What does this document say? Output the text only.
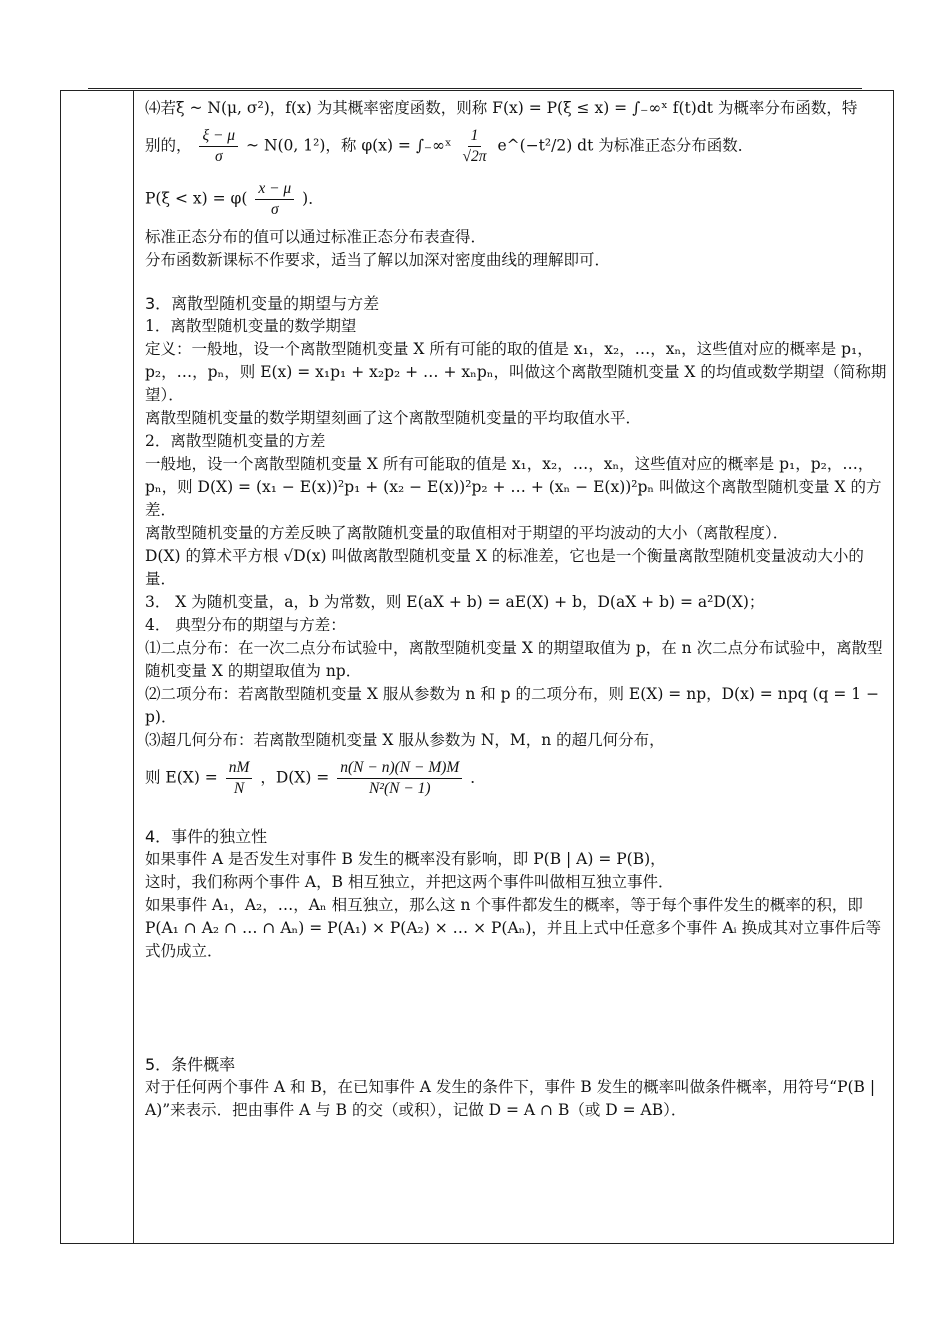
⑷若ξ ~ N(μ, σ²)，f(x) 为其概率密度函数，则称 F(x) = P(ξ ≤ x) = ∫₋∞ˣ f(t)dt 为概率分布函数，特

别的， $\frac{\xi - \mu}{\sigma}$ ~ N(0, 1²)，称 φ(x) = ∫₋∞ˣ $\frac{1}{√2\pi}$ e^(−t²/2) dt 为标准正态分布函数．

$P(\xi < x) = \varphi( \frac{x - \mu}{\sigma}$ )．

标准正态分布的值可以通过标准正态分布表查得．

分布函数新课标不作要求，适当了解以加深对密度曲线的理解即可．

3．离散型随机变量的期望与方差

1．离散型随机变量的数学期望

定义：一般地，设一个离散型随机变量 X 所有可能的取的值是 x₁，x₂，…，xₙ，这些值对应的概率是 p₁，p₂，…，pₙ，则 E(x) = x₁p₁ + x₂p₂ + … + xₙpₙ，叫做这个离散型随机变量 X 的均值或数学期望（简称期望）．

离散型随机变量的数学期望刻画了这个离散型随机变量的平均取值水平．

2．离散型随机变量的方差

一般地，设一个离散型随机变量 X 所有可能取的值是 x₁，x₂，…，xₙ，这些值对应的概率是 p₁，p₂，…，pₙ，则 D(X) = (x₁ − E(x))²p₁ + (x₂ − E(x))²p₂ + … + (xₙ − E(x))²pₙ 叫做这个离散型随机变量 X 的方差．

离散型随机变量的方差反映了离散随机变量的取值相对于期望的平均波动的大小（离散程度）．

D(X) 的算术平方根 √D(x) 叫做离散型随机变量 X 的标准差，它也是一个衡量离散型随机变量波动大小的量．

3． X 为随机变量，a，b 为常数，则 E(aX + b) = aE(X) + b，D(aX + b) = a²D(X)；

4． 典型分布的期望与方差：

⑴二点分布：在一次二点分布试验中，离散型随机变量 X 的期望取值为 p，在 n 次二点分布试验中，离散型随机变量 X 的期望取值为 np．

⑵二项分布：若离散型随机变量 X 服从参数为 n 和 p 的二项分布，则 E(X) = np，D(x) = npq (q = 1 − p)．

⑶超几何分布：若离散型随机变量 X 服从参数为 N，M，n 的超几何分布，

则 $E(X) = \frac{nM}{N}$ ，$D(X) = \frac{n(N - n)(N - M)M}{\text{N²(N − 1)}}$ ．

4．事件的独立性

如果事件 A 是否发生对事件 B 发生的概率没有影响，即 P(B | A) = P(B)，

这时，我们称两个事件 A，B 相互独立，并把这两个事件叫做相互独立事件．

如果事件 A₁，A₂，…，Aₙ 相互独立，那么这 n 个事件都发生的概率，等于每个事件发生的概率的积，即 P(A₁ ∩ A₂ ∩ … ∩ Aₙ) = P(A₁) × P(A₂) × … × P(Aₙ)，并且上式中任意多个事件 Aᵢ 换成其对立事件后等式仍成立．

5．条件概率

对于任何两个事件 A 和 B，在已知事件 A 发生的条件下，事件 B 发生的概率叫做条件概率，用符号“P(B | A)”来表示．把由事件 A 与 B 的交（或积），记做 D = A ∩ B（或 D = AB）．
